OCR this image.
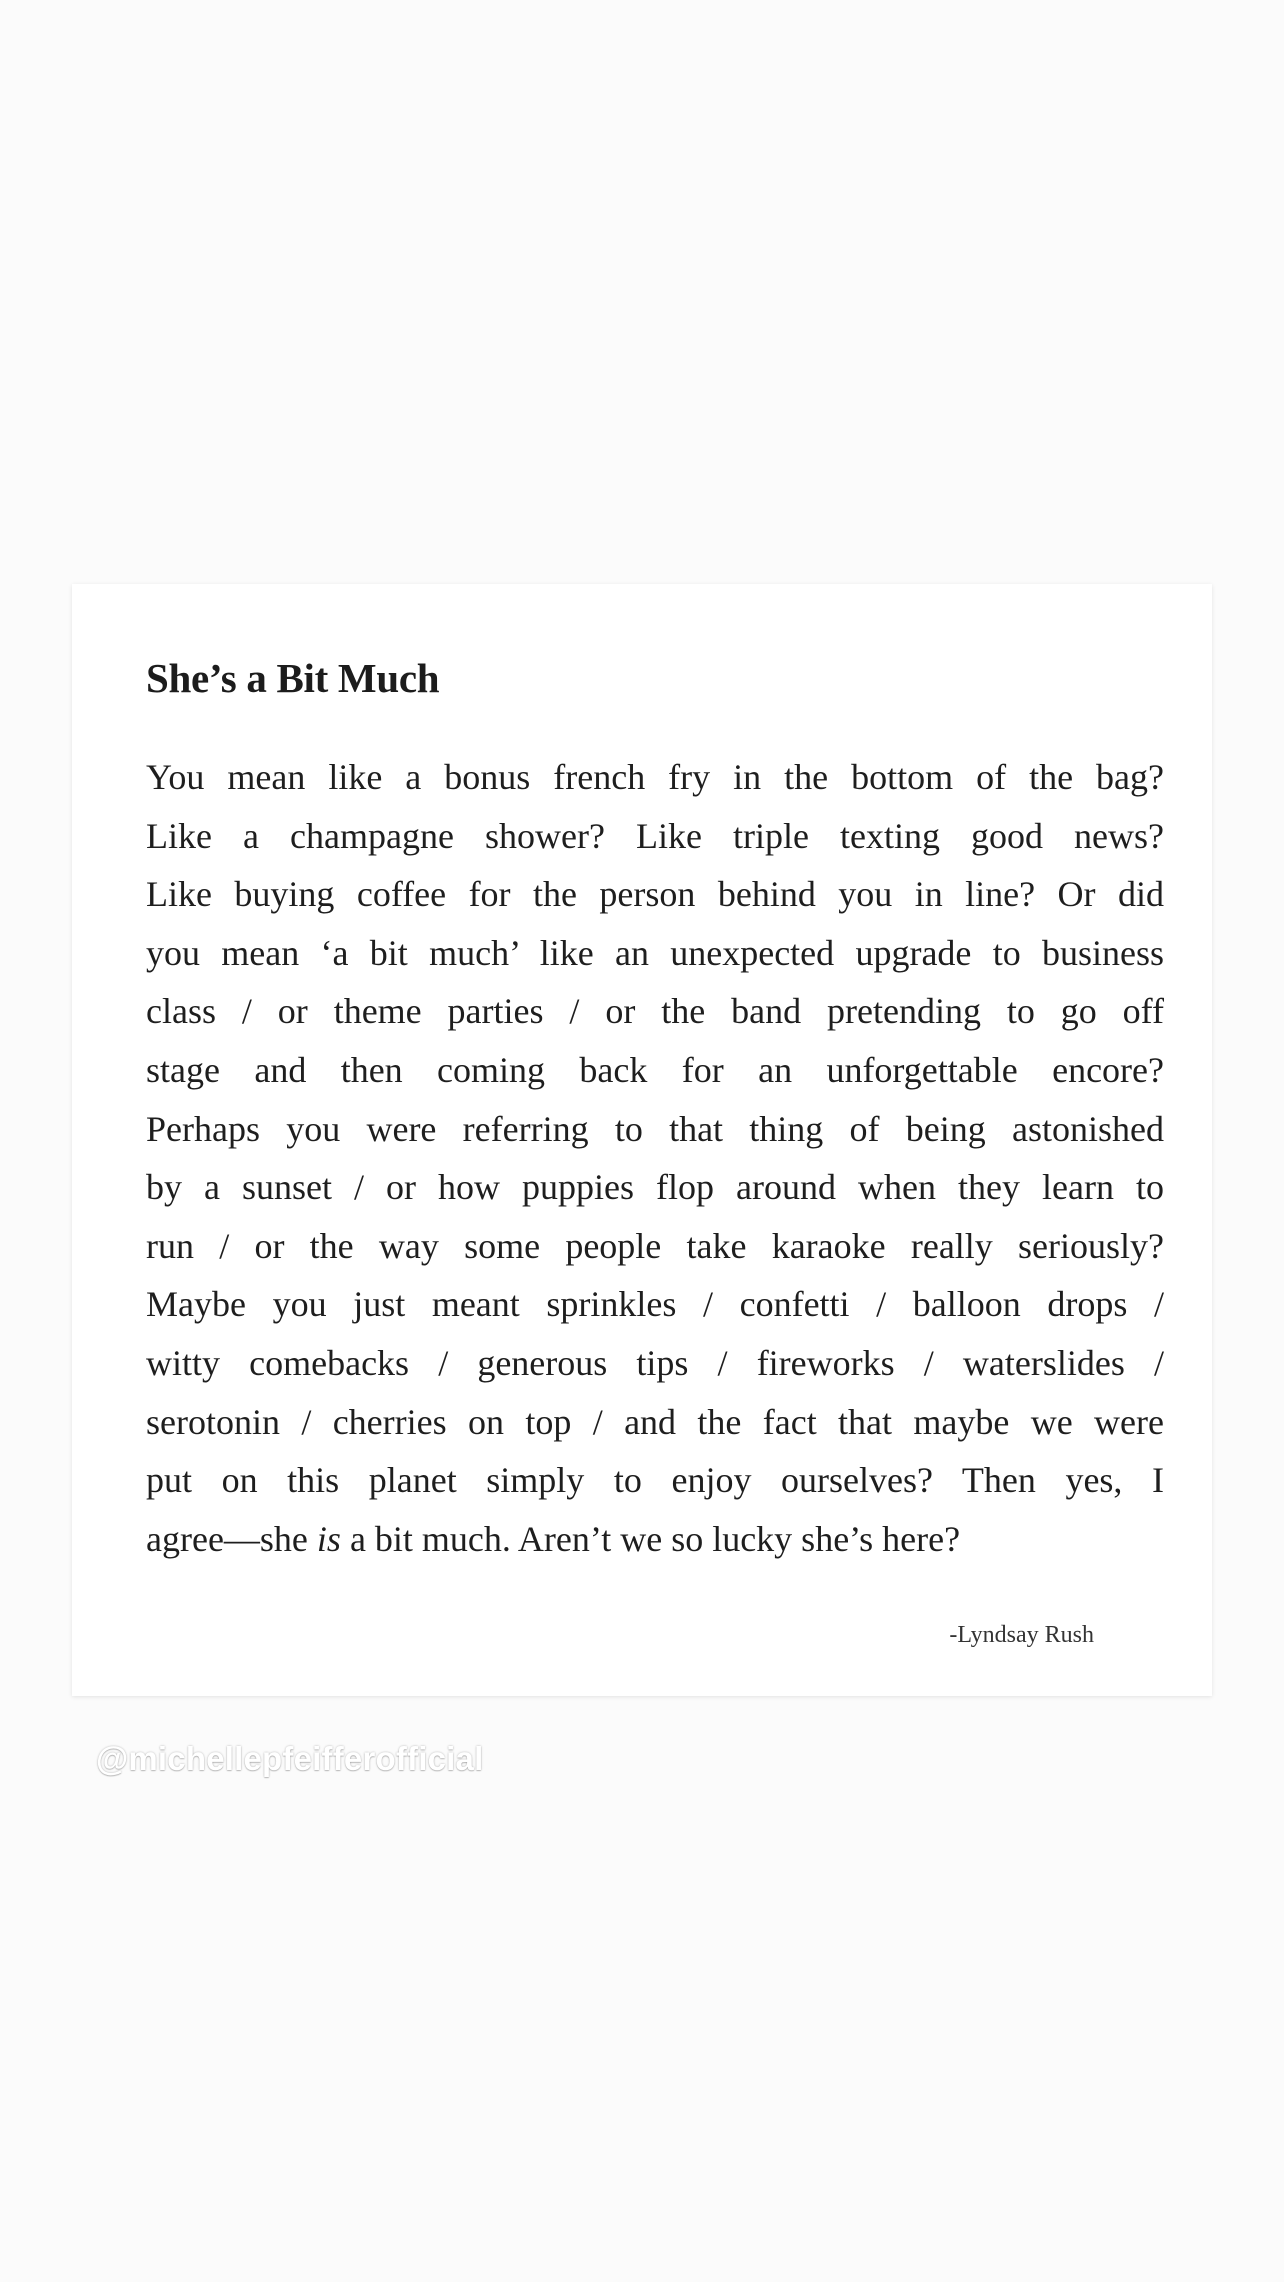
She’s a Bit Much
You mean like a bonus french fry in the bottom of the bag?
Like a champagne shower? Like triple texting good news?
Like buying coffee for the person behind you in line? Or did
you mean ‘a bit much’ like an unexpected upgrade to business
class / or theme parties / or the band pretending to go off
stage and then coming back for an unforgettable encore?
Perhaps you were referring to that thing of being astonished
by a sunset / or how puppies flop around when they learn to
run / or the way some people take karaoke really seriously?
Maybe you just meant sprinkles / confetti / balloon drops /
witty comebacks / generous tips / fireworks / waterslides /
serotonin / cherries on top / and the fact that maybe we were
put on this planet simply to enjoy ourselves? Then yes, I
agree—she is a bit much. Aren’t we so lucky she’s here?

-Lyndsay Rush

@michellepfeifferofficial
